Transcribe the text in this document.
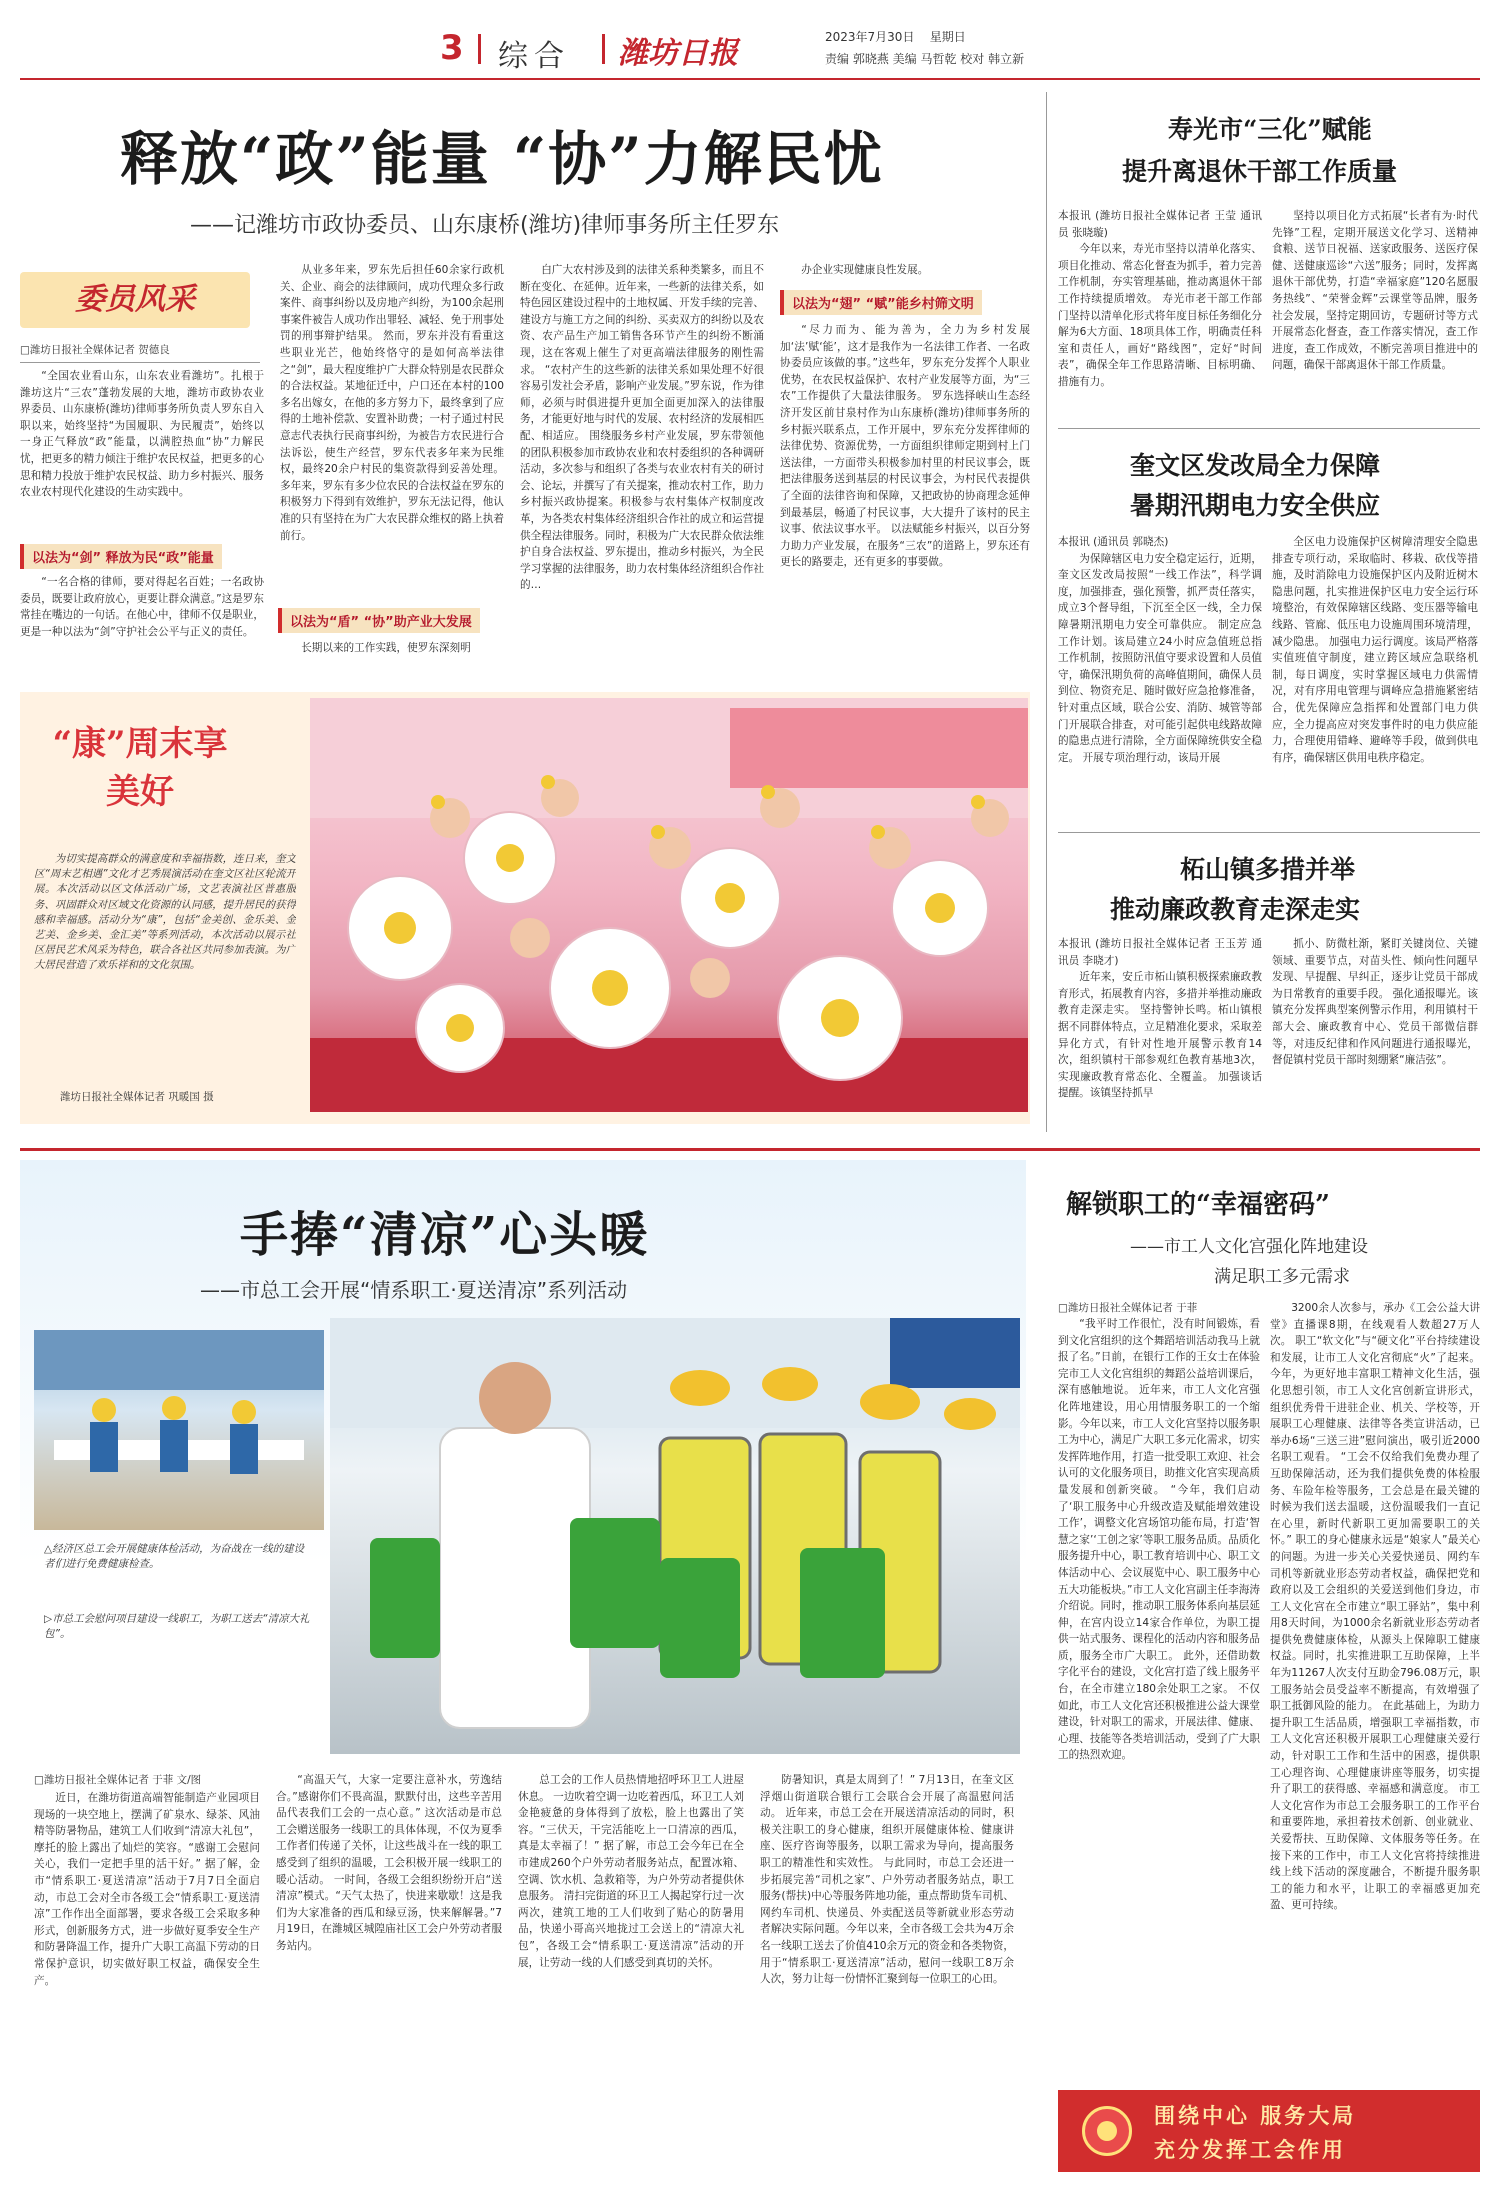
3 综合 潍坊日报	2023年7月30日 星期日
责编 郭晓燕 美编 马哲乾 校对 韩立新
释放“政”能量 “协”力解民忧
——记潍坊市政协委员、山东康桥(潍坊)律师事务所主任罗东
委员风采
□潍坊日报社全媒体记者 贺德良

“全国农业看山东，山东农业看潍坊”。扎根于潍坊这片“三农”蓬勃发展的大地，潍坊市政协农业界委员、山东康桥(潍坊)律师事务所负责人罗东自入职以来，始终坚持“为国履职、为民履责”，始终以一身正气释放“政”能量，以满腔热血“协”力解民忧，把更多的精力倾注于维护农民权益，把更多的心思和精力投放于维护农民权益、助力乡村振兴、服务农业农村现代化建设的生动实践中。

以法为“剑” 释放为民“政”能量

“一名合格的律师，要对得起名百姓；一名政协委员，既要让政府放心，更要让群众满意。”这是罗东常挂在嘴边的一句话。在他心中，律师不仅是职业，更是一种以法为“剑”守护社会公平与正义的责任。

从业多年来，罗东先后担任60余家行政机关、企业、商会的法律顾问，成功代理众多行政案件、商事纠纷以及房地产纠纷，为100余起刑事案件被告人成功作出罪轻、减轻、免于刑事处罚的刑事辩护结果。 然而，罗东并没有看重这些职业光芒，他始终恪守的是如何高举法律之“剑”，最大程度维护广大群众特别是农民群众的合法权益。某地征迁中，户口还在本村的100多名出嫁女，在他的多方努力下，最终拿到了应得的土地补偿款、安置补助费；一村子通过村民意志代表执行民商事纠纷，为被告方农民进行合法诉讼，使生产经营，罗东代表多年来为民维权，最终20余户村民的集资款得到妥善处理。 多年来，罗东有多少位农民的合法权益在罗东的积极努力下得到有效维护，罗东无法记得，他认准的只有坚持在为广大农民群众维权的路上执着前行。

以法为“盾” “协”助产业大发展

长期以来的工作实践，使罗东深刻明

白广大农村涉及到的法律关系种类繁多，而且不断在变化、在延伸。近年来，一些新的法律关系，如特色园区建设过程中的土地权属、开发手续的完善、建设方与施工方之间的纠纷、买卖双方的纠纷以及农资、农产品生产加工销售各环节产生的纠纷不断涌现，这在客观上催生了对更高端法律服务的刚性需求。 “农村产生的这些新的法律关系如果处理不好很容易引发社会矛盾，影响产业发展。”罗东说，作为律师，必须与时俱进提升更加全面更加深入的法律服务，才能更好地与时代的发展、农村经济的发展相匹配、相适应。 围绕服务乡村产业发展，罗东带领他的团队积极参加市政协农业和农村委组织的各种调研活动，多次参与和组织了各类与农业农村有关的研讨会、论坛，并撰写了有关提案，推动农村工作，助力乡村振兴政协提案。积极参与农村集体产权制度改革，为各类农村集体经济组织合作社的成立和运营提供全程法律服务。同时，积极为广大农民群众依法维护自身合法权益、罗东提出，推动乡村振兴，为全民学习掌握的法律服务，助力农村集体经济组织合作社的…

办企业实现健康良性发展。

以法为“翅” “赋”能乡村筛文明

“尽力而为、能为善为，全力为乡村发展加‘法’赋‘能’，这才是我作为一名法律工作者、一名政协委员应该做的事。”这些年，罗东充分发挥个人职业优势，在农民权益保护、农村产业发展等方面，为“三农”工作提供了大量法律服务。 罗东选择峡山生态经济开发区前甘泉村作为山东康桥(潍坊)律师事务所的乡村振兴联系点，工作开展中，罗东充分发挥律师的法律优势、资源优势，一方面组织律师定期到村上门送法律，一方面带头积极参加村里的村民议事会，既把法律服务送到基层的村民议事会，为村民代表提供了全面的法律咨询和保障，又把政协的协商理念延伸到最基层，畅通了村民议事，大大提升了该村的民主议事、依法议事水平。 以法赋能乡村振兴，以百分努力助力产业发展，在服务“三农”的道路上，罗东还有更长的路要走，还有更多的事要做。

“康”周末享美好

为切实提高群众的满意度和幸福指数，连日来，奎文区“周末艺相遇”文化才艺秀展演活动在奎文区社区轮流开展。本次活动以区文体活动广场，文艺表演社区普惠服务、巩固群众对区域文化资源的认同感，提升居民的获得感和幸福感。活动分为“康”，包括“金美创、金乐美、金艺美、金乡美、金汇美”等系列活动，本次活动以展示社区居民艺术风采为特色，联合各社区共同参加表演。为广大居民营造了欢乐祥和的文化氛围。

潍坊日报社全媒体记者 巩暖国 摄
寿光市“三化”赋能
提升离退休干部工作质量

本报讯 (潍坊日报社全媒体记者 王莹 通讯员 张晓璇)

今年以来，寿光市坚持以清单化落实、项目化推动、常态化督查为抓手，着力完善工作机制，夯实管理基础，推动离退休干部工作持续提质增效。 寿光市老干部工作部门坚持以清单化形式将年度目标任务细化分解为6大方面、18项具体工作，明确责任科室和责任人，画好“路线图”，定好“时间表”，确保全年工作思路清晰、目标明确、措施有力。

坚持以项目化方式拓展“长者有为·时代先锋”工程，定期开展送文化学习、送精神食粮、送节日祝福、送家政服务、送医疗保健、送健康巡诊“六送”服务；同时，发挥离退休干部优势，打造“幸福家庭”120名愿服务热线”、“荣誉金辉”云课堂等品牌，服务社会发展，坚持定期回访，专题研讨等方式开展常态化督查，查工作落实情况，查工作进度，查工作成效，不断完善项目推进中的问题，确保干部离退休干部工作质量。

奎文区发改局全力保障
暑期汛期电力安全供应

本报讯 (通讯员 郭晓杰)

为保障辖区电力安全稳定运行，近期，奎文区发改局按照“一线工作法”，科学调度，加强排查，强化预警，抓严责任落实，成立3个督导组，下沉至全区一线，全力保障暑期汛期电力安全可靠供应。 制定应急工作计划。该局建立24小时应急值班总指工作机制，按照防汛值守要求设置和人员值守，确保汛期负荷的高峰值期间，确保人员到位、物资充足、随时做好应急抢修准备，针对重点区域，联合公安、消防、城管等部门开展联合排查，对可能引起供电线路故障的隐患点进行清除，全方面保障统供安全稳定。 开展专项治理行动，该局开展

全区电力设施保护区树障清理安全隐患排查专项行动，采取临时、移栽、砍伐等措施，及时消除电力设施保护区内及附近树木隐患问题，扎实推进保护区电力安全运行环境整治，有效保障辖区线路、变压器等输电线路、管廊、低压电力设施周围环境清理，减少隐患。 加强电力运行调度。该局严格落实值班值守制度，建立跨区域应急联络机制，每日调度，实时掌握区域电力供需情况，对有序用电管理与调峰应急措施紧密结合，优先保障应急指挥和处置部门电力供应，全力提高应对突发事件时的电力供应能力，合理使用错峰、避峰等手段，做到供电有序，确保辖区供用电秩序稳定。

柘山镇多措并举
推动廉政教育走深走实

本报讯 (潍坊日报社全媒体记者 王玉芳 通讯员 李晓才)

近年来，安丘市柘山镇积极探索廉政教育形式，拓展教育内容，多措并举推动廉政教育走深走实。 坚持警钟长鸣。柘山镇根据不同群体特点，立足精准化要求，采取差异化方式，有针对性地开展警示教育14次，组织镇村干部参观红色教育基地3次，实现廉政教育常态化、全覆盖。 加强谈话提醒。该镇坚持抓早

抓小、防微杜渐，紧盯关键岗位、关键领域、重要节点，对苗头性、倾向性问题早发现、早提醒、早纠正，逐步让党员干部成为日常教育的重要手段。 强化通报曝光。该镇充分发挥典型案例警示作用，利用镇村干部大会、廉政教育中心、党员干部微信群等，对违反纪律和作风问题进行通报曝光，督促镇村党员干部时刻绷紧“廉洁弦”。

手捧“清凉”心头暖
——市总工会开展“情系职工·夏送清凉”系列活动
△经济区总工会开展健康体检活动，为奋战在一线的建设者们进行免费健康检查。
▷市总工会慰问项目建设一线职工，为职工送去“清凉大礼包”。
□潍坊日报社全媒体记者 于菲 文/图

近日，在潍坊街道高端智能制造产业园项目现场的一块空地上，摆满了矿泉水、绿茶、风油精等防暑物品，建筑工人们收到“清凉大礼包”，摩托的脸上露出了灿烂的笑容。“感谢工会慰问关心，我们一定把手里的活干好。” 据了解，金市“情系职工·夏送清凉”活动于7月7日全面启动，市总工会对全市各级工会“情系职工·夏送清凉”工作作出全面部署，要求各级工会采取多种形式，创新服务方式，进一步做好夏季安全生产和防暑降温工作，提升广大职工高温下劳动的日常保护意识，切实做好职工权益，确保安全生产。

“高温天气，大家一定要注意补水，劳逸结合。”感谢你们不畏高温，默默付出，这些辛苦用品代表我们工会的一点心意。” 这次活动是市总工会赠送服务一线职工的具体体现，不仅为夏季工作者们传递了关怀，让这些战斗在一线的职工感受到了组织的温暖，工会积极开展一线职工的暖心活动。 一时间，各级工会组织纷纷开启“送清凉”模式。“天气太热了，快进来歇歇！这是我们为大家准备的西瓜和绿豆汤，快来解解暑。”7月19日，在潍城区城隍庙社区工会户外劳动者服务站内。

总工会的工作人员热情地招呼环卫工人进屋休息。 一边吹着空调一边吃着西瓜，环卫工人刘金艳疲惫的身体得到了放松，脸上也露出了笑容。“三伏天，干完活能吃上一口清凉的西瓜，真是太幸福了！” 据了解，市总工会今年已在全市建成260个户外劳动者服务站点，配置冰箱、空调、饮水机、急救箱等，为户外劳动者提供休息服务。 清扫完街道的环卫工人揭起穿行过一次两次，建筑工地的工人们收到了贴心的防暑用品，快递小哥高兴地拢过工会送上的“清凉大礼包”，各级工会“情系职工·夏送清凉”活动的开展，让劳动一线的人们感受到真切的关怀。

防暑知识，真是太周到了！” 7月13日，在奎文区浮烟山街道联合银行工会联合会开展了高温慰问活动。 近年来，市总工会在开展送清凉活动的同时，积极关注职工的身心健康，组织开展健康体检、健康讲座、医疗咨询等服务，以职工需求为导向，提高服务职工的精准性和实效性。 与此同时，市总工会还进一步拓展完善“司机之家”、户外劳动者服务站点，职工服务(帮扶)中心等服务阵地功能，重点帮助货车司机、网约车司机、快递员、外卖配送员等新就业形态劳动者解决实际问题。今年以来，全市各级工会共为4万余名一线职工送去了价值410余万元的资金和各类物资，用于“情系职工·夏送清凉”活动，慰问一线职工8万余人次，努力让每一份情怀汇聚到每一位职工的心田。

解锁职工的“幸福密码”
——市工人文化宫强化阵地建设
满足职工多元需求
□潍坊日报社全媒体记者 于菲

“我平时工作很忙，没有时间锻炼，看到文化宫组织的这个舞蹈培训活动我马上就报了名。”日前，在银行工作的王女士在体验完市工人文化宫组织的舞蹈公益培训课后，深有感触地说。 近年来，市工人文化宫强化阵地建设，用心用情服务职工的一个缩影。今年以来，市工人文化宫坚持以服务职工为中心，满足广大职工多元化需求，切实发挥阵地作用，打造一批受职工欢迎、社会认可的文化服务项目，助推文化宫实现高质量发展和创新突破。 “今年，我们启动了‘职工服务中心升级改造及赋能增效建设工作’，调整文化宫场馆功能布局，打造‘智慧之家’‘工创之家’等职工服务品质。品质化服务提升中心，职工教育培训中心、职工文体活动中心、会议展览中心、职工服务中心五大功能板块。”市工人文化宫副主任李海涛介绍说。同时，推动职工服务体系向基层延伸，在宫内设立14家合作单位，为职工提供一站式服务、课程化的活动内容和服务品质，服务全市广大职工。 此外，还借助数字化平台的建设，文化宫打造了线上服务平台，在全市建立180余处职工之家。 不仅如此，市工人文化宫还积极推进公益大课堂建设，针对职工的需求，开展法律、健康、心理、技能等各类培训活动，受到了广大职工的热烈欢迎。

3200余人次参与，承办《工会公益大讲堂》直播课8期，在线观看人数超27万人次。 职工“软文化”与“硬文化”平台持续建设和发展，让市工人文化宫彻底“火”了起来。今年，为更好地丰富职工精神文化生活，强化思想引领，市工人文化宫创新宣讲形式，组织优秀骨干进驻企业、机关、学校等，开展职工心理健康、法律等各类宣讲活动，已举办6场“三送三进”慰问演出，吸引近2000名职工观看。 “工会不仅给我们免费办理了互助保障活动，还为我们提供免费的体检服务、车险年检等服务，工会总是在最关键的时候为我们送去温暖，这份温暖我们一直记在心里，新时代新职工更加需要职工的关怀。” 职工的身心健康永远是“娘家人”最关心的问题。为进一步关心关爱快递员、网约车司机等新就业形态劳动者权益，确保把党和政府以及工会组织的关爱送到他们身边，市工人文化宫在全市建立“职工驿站”，集中利用8天时间，为1000余名新就业形态劳动者提供免费健康体检，从源头上保障职工健康权益。同时，扎实推进职工互助保障，上半年为11267人次支付互助金796.08万元，职工服务站会员受益率不断提高，有效增强了职工抵御风险的能力。 在此基础上，为助力提升职工生活品质，增强职工幸福指数，市工人文化宫还积极开展职工心理健康关爱行动，针对职工工作和生活中的困惑，提供职工心理咨询、心理健康讲座等服务，切实提升了职工的获得感、幸福感和满意度。 市工人文化宫作为市总工会服务职工的工作平台和重要阵地，承担着技术创新、创业就业、关爱帮扶、互助保障、文体服务等任务。在接下来的工作中，市工人文化宫将持续推进线上线下活动的深度融合，不断提升服务职工的能力和水平，让职工的幸福感更加充盈、更可持续。

围绕中心 服务大局
充分发挥工会作用
